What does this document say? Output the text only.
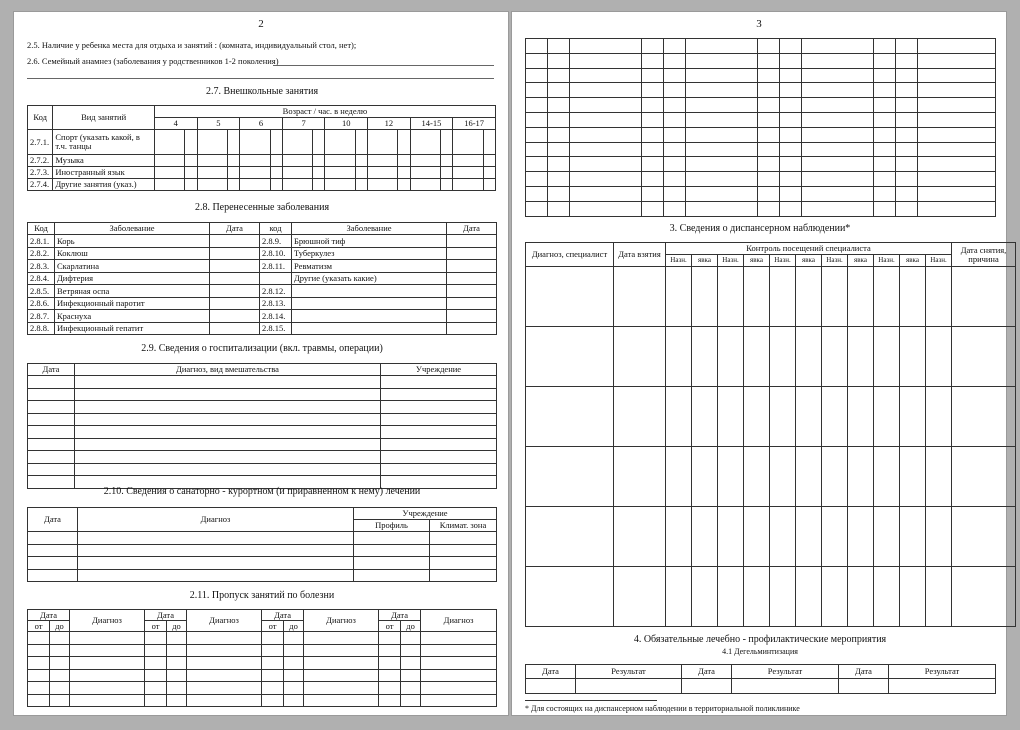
2
2.5. Наличие у ребенка места для отдыха и занятий : (комната, индивидуальный стол, нет);
2.6. Семейный анамнез (заболевания у родственников 1-2 поколения)
2.7. Внешкольные занятия
Код	Вид занятий	Возраст / час. в неделю															
		4		5		6		7		10		12		14-15		16-17	
2.7.1.	Спорт (указать какой, в т.ч. танцы																
2.7.2.	Музыка																
2.7.3.	Иностранный язык																
2.7.4.	Другие занятия (указ.)																
2.8. Перенесенные заболевания
Код	Заболевание	Дата	код	Заболевание	Дата
2.8.1.	Корь		2.8.9.	Брюшной тиф	
2.8.2.	Коклюш		2.8.10.	Туберкулез	
2.8.3.	Скарлатина		2.8.11.	Ревматизм	
2.8.4.	Дифтерия			Другие (указать какие)	
2.8.5.	Ветряная оспа		2.8.12.		
2.8.6.	Инфекционный паротит		2.8.13.		
2.8.7.	Краснуха		2.8.14.		
2.8.8.	Инфекционный гепатит		2.8.15.		
2.9. Сведения о госпитализации (вкл. травмы, операции)
Дата	Диагноз, вид вмешательства	Учреждение

2.10. Сведения о санаторно - курортном (и приравненном к нему) лечении
Дата	Диагноз	Учреждение	
		Профиль	Климат. зона

2.11. Пропуск занятий по болезни
Дата		Диагноз	Дата		Диагноз	Дата		Диагноз	Дата		Диагноз
от	до		от	до		от	до		от	до	

3

3. Сведения о диспансерном наблюдении*
Диагноз, специалист	Дата взятия	Контроль посещений специалиста											Дата снятия, причина
		Назн.	явка	Назн.	явка	Назн.	явка	Назн.	явка	Назн.	явка	Назн.	

4. Обязательные лечебно - профилактические мероприятия
4.1 Дегельминтизация
Дата	Результат	Дата	Результат	Дата	Результат

* Для состоящих на диспансерном наблюдении в территориальной поликлинике
